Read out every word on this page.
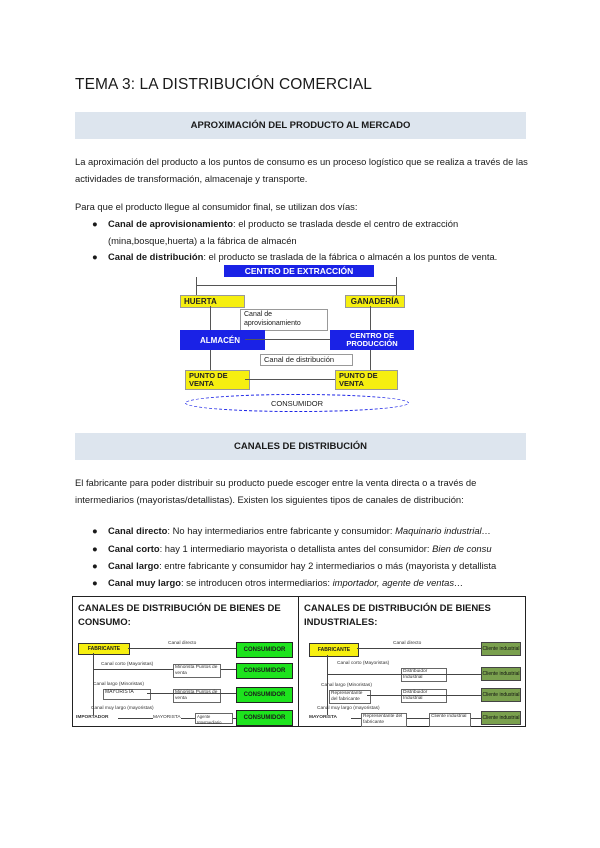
TEMA 3: LA DISTRIBUCIÓN COMERCIAL
APROXIMACIÓN DEL PRODUCTO AL MERCADO
La aproximación del producto a los puntos de consumo es un proceso logístico que se realiza a través de las actividades de transformación, almacenaje y transporte.
Para que el producto llegue al consumidor final, se utilizan dos vías:
● Canal de aprovisionamiento: el producto se traslada desde el centro de extracción (mina,bosque,huerta) a la fábrica de almacén
● Canal de distribución: el producto se traslada de la fábrica o almacén a los puntos de venta.
CENTRO DE EXTRACCIÓN
HUERTA	GANADERÍA
Canal de aprovisionamiento
ALMACÉN	CENTRO DE PRODUCCIÓN
Canal de distribución
PUNTO DE VENTA
PUNTO DE VENTA
CONSUMIDOR
CANALES DE DISTRIBUCIÓN
El fabricante para poder distribuir su producto puede escoger entre la venta directa o a través de intermediarios (mayoristas/detallistas). Existen los siguientes tipos de canales de distribución:
● Canal directo: No hay intermediarios entre fabricante y consumidor: Maquinario industrial…
● Canal corto: hay 1 intermediario mayorista o detallista antes del consumidor: Bien de consu
● Canal largo: entre fabricante y consumidor hay 2 intermediarios o más (mayorista y detallista
● Canal muy largo: se introducen otros intermediarios: importador, agente de ventas…
CANALES DE DISTRIBUCIÓN DE BIENES DE CONSUMO:
FABRICANTE
Canal directo
CONSUMIDOR
Canal corto (Mayoristas)
Minorista Puntos de venta	CONSUMIDOR
Canal largo (Minoristas)
MAYORISTA
venta	CONSUMIDOR
Canal muy largo (mayoristas)
IMPORTADOR	MAYORISTA	Agente Intermediario
CONSUMIDOR
CANALES DE DISTRIBUCIÓN DE BIENES INDUSTRIALES:
FABRICANTE
Canal directo
Cliente industrial
Canal corto (Mayoristas)
Distribuidor Industrial	Cliente industrial
Canal largo (Minoristas)
Representante del fabricante
Distribuidor Industrial	Cliente industrial
Canal muy largo (mayoristas)
MAYORISTA	Representante del fabricante
Cliente industrial	Cliente industrial
